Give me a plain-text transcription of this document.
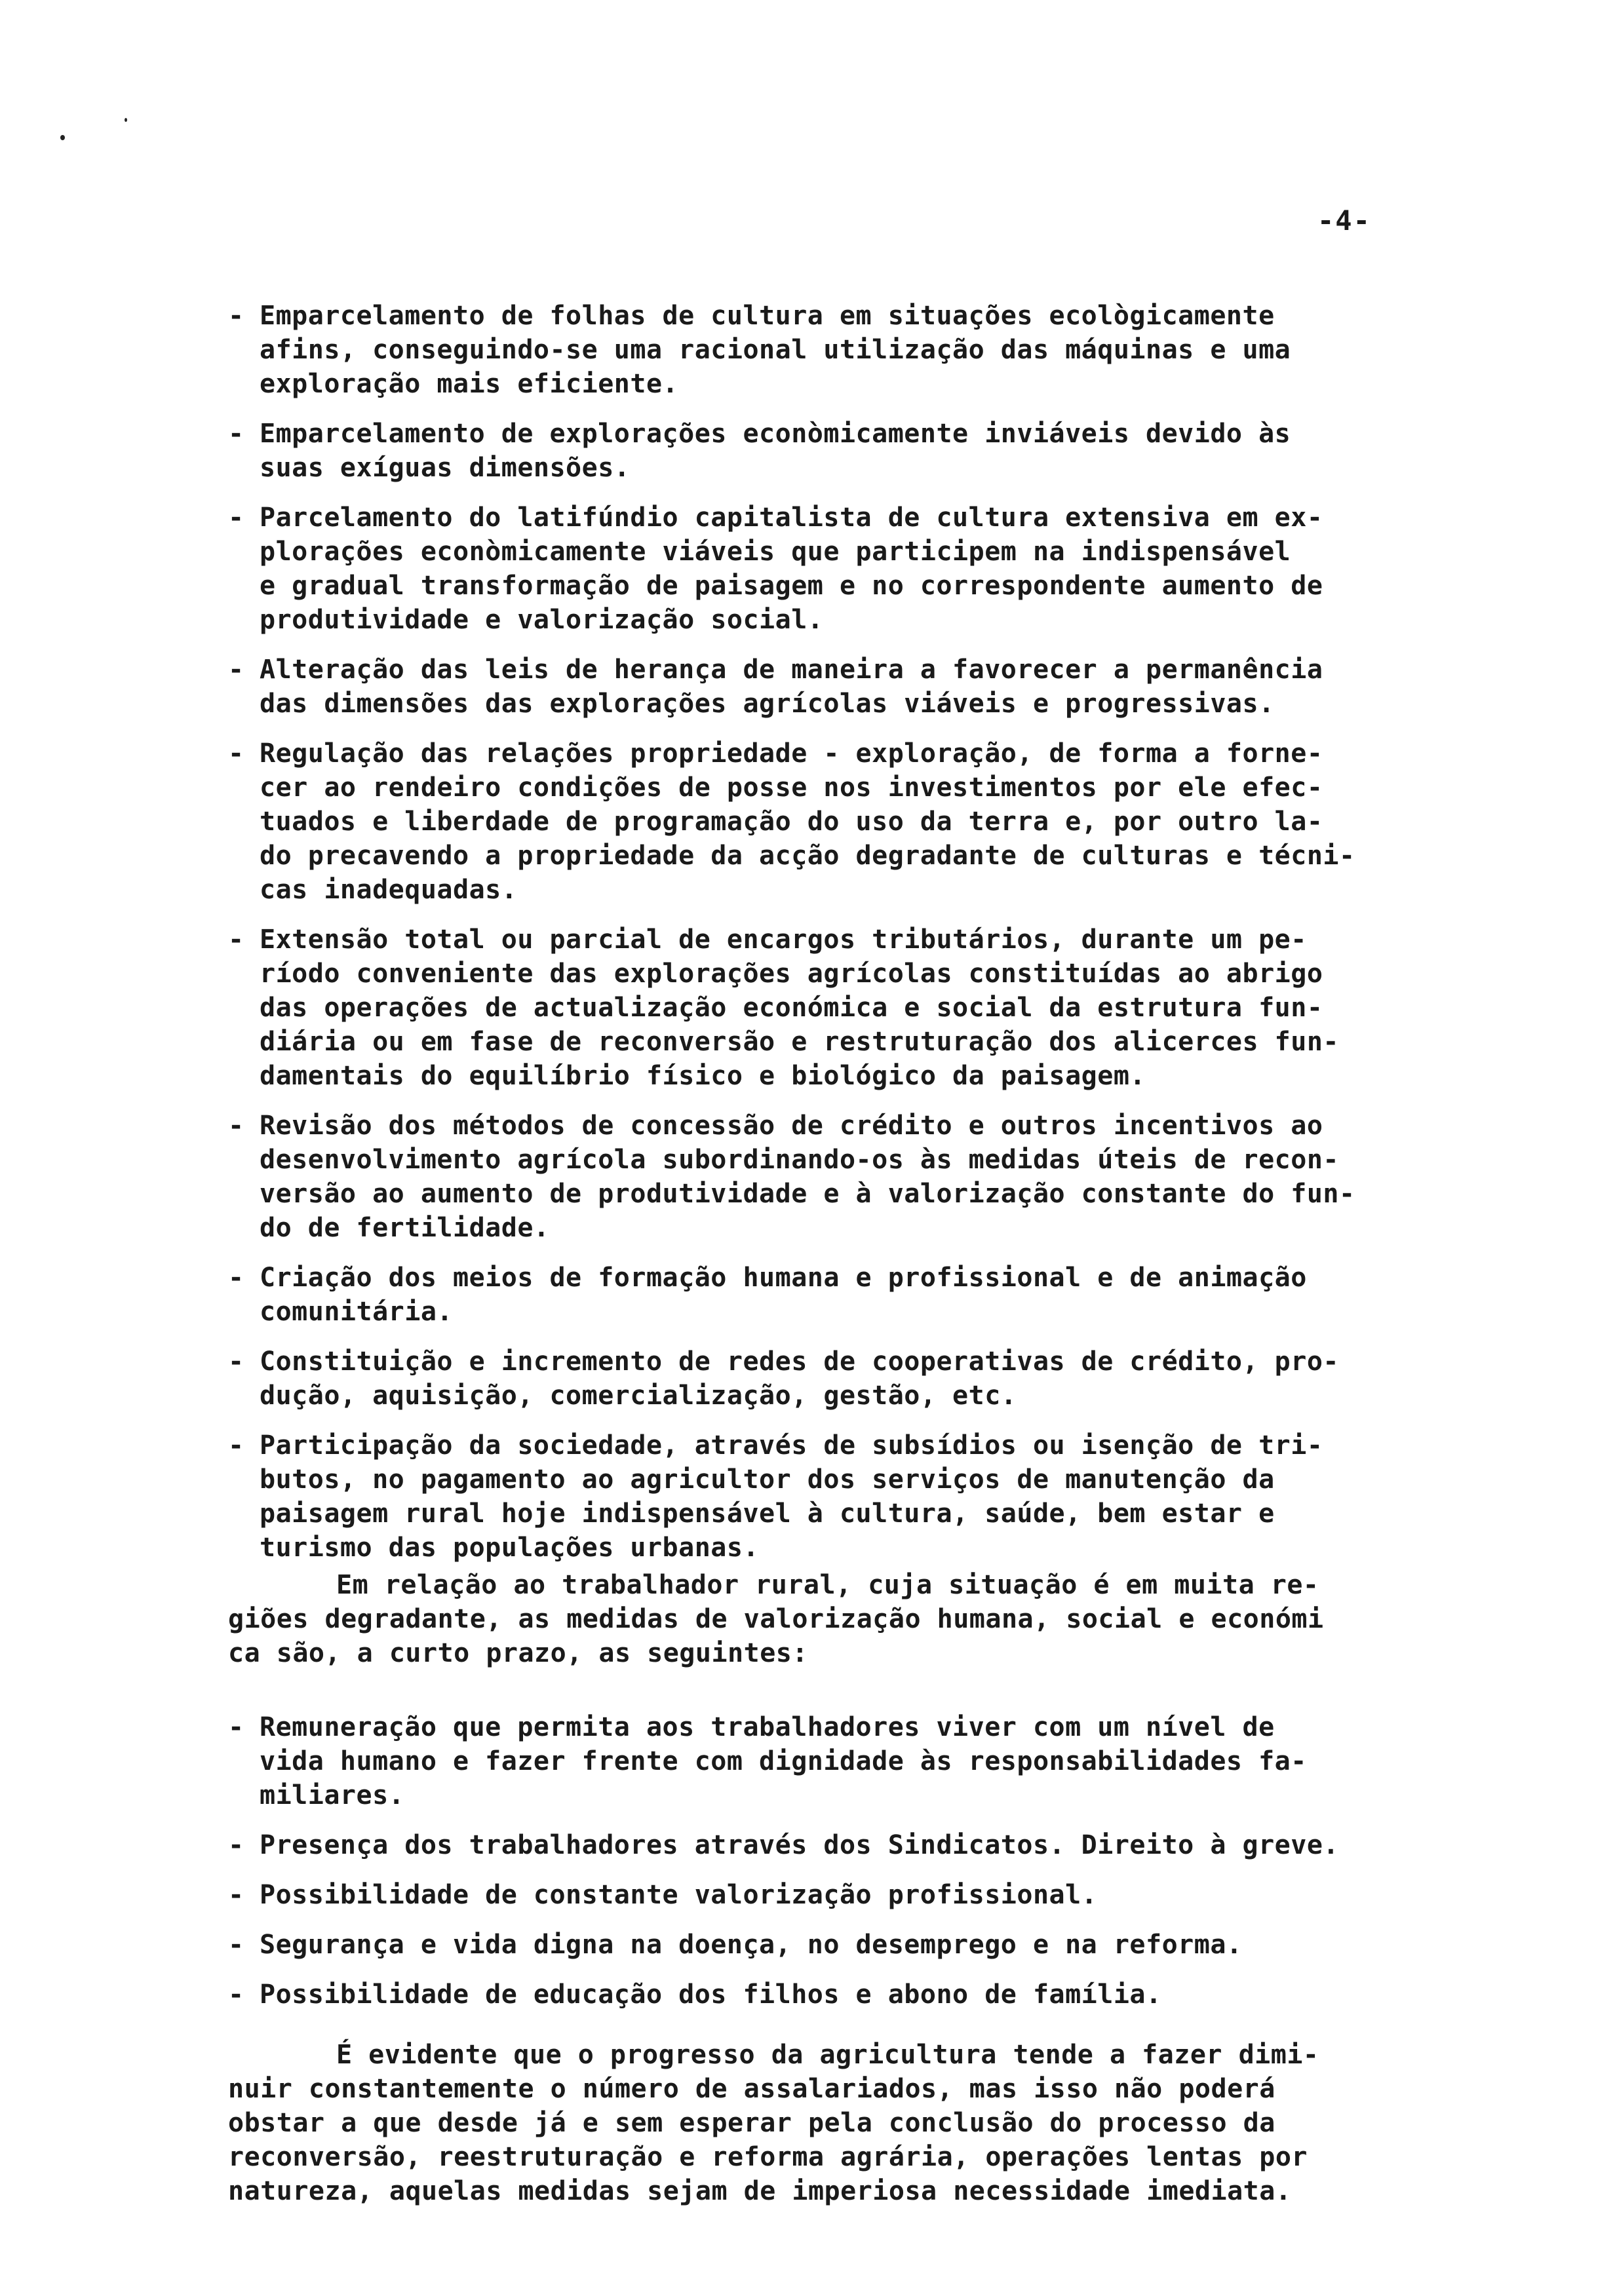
-4-
- Emparcelamento de folhas de cultura em situações ecològicamente
afins, conseguindo-se uma racional utilização das máquinas e uma
exploração mais eficiente.
- Emparcelamento de explorações econòmicamente inviáveis devido às
suas exíguas dimensões.
- Parcelamento do latifúndio capitalista de cultura extensiva em ex-
plorações econòmicamente viáveis que participem na indispensável
e gradual transformação de paisagem e no correspondente aumento de
produtividade e valorização social.
- Alteração das leis de herança de maneira a favorecer a permanência
das dimensões das explorações agrícolas viáveis e progressivas.
- Regulação das relações propriedade - exploração, de forma a forne-
cer ao rendeiro condições de posse nos investimentos por ele efec-
tuados e liberdade de programação do uso da terra e, por outro la-
do precavendo a propriedade da acção degradante de culturas e técni-
cas inadequadas.
- Extensão total ou parcial de encargos tributários, durante um pe-
ríodo conveniente das explorações agrícolas constituídas ao abrigo
das operações de actualização económica e social da estrutura fun-
diária ou em fase de reconversão e restruturação dos alicerces fun-
damentais do equilíbrio físico e biológico da paisagem.
- Revisão dos métodos de concessão de crédito e outros incentivos ao
desenvolvimento agrícola subordinando-os às medidas úteis de recon-
versão ao aumento de produtividade e à valorização constante do fun-
do de fertilidade.
- Criação dos meios de formação humana e profissional e de animação
comunitária.
- Constituição e incremento de redes de cooperativas de crédito, pro-
dução, aquisição, comercialização, gestão, etc.
- Participação da sociedade, através de subsídios ou isenção de tri-
butos, no pagamento ao agricultor dos serviços de manutenção da
paisagem rural hoje indispensável à cultura, saúde, bem estar e
turismo das populações urbanas.
Em relação ao trabalhador rural, cuja situação é em muita re-
giões degradante, as medidas de valorização humana, social e económi
ca são, a curto prazo, as seguintes:
- Remuneração que permita aos trabalhadores viver com um nível de
vida humano e fazer frente com dignidade às responsabilidades fa-
miliares.
- Presença dos trabalhadores através dos Sindicatos. Direito à greve.
- Possibilidade de constante valorização profissional.
- Segurança e vida digna na doença, no desemprego e na reforma.
- Possibilidade de educação dos filhos e abono de família.
É evidente que o progresso da agricultura tende a fazer dimi-
nuir constantemente o número de assalariados, mas isso não poderá
obstar a que desde já e sem esperar pela conclusão do processo da
reconversão, reestruturação e reforma agrária, operações lentas por
natureza, aquelas medidas sejam de imperiosa necessidade imediata.
